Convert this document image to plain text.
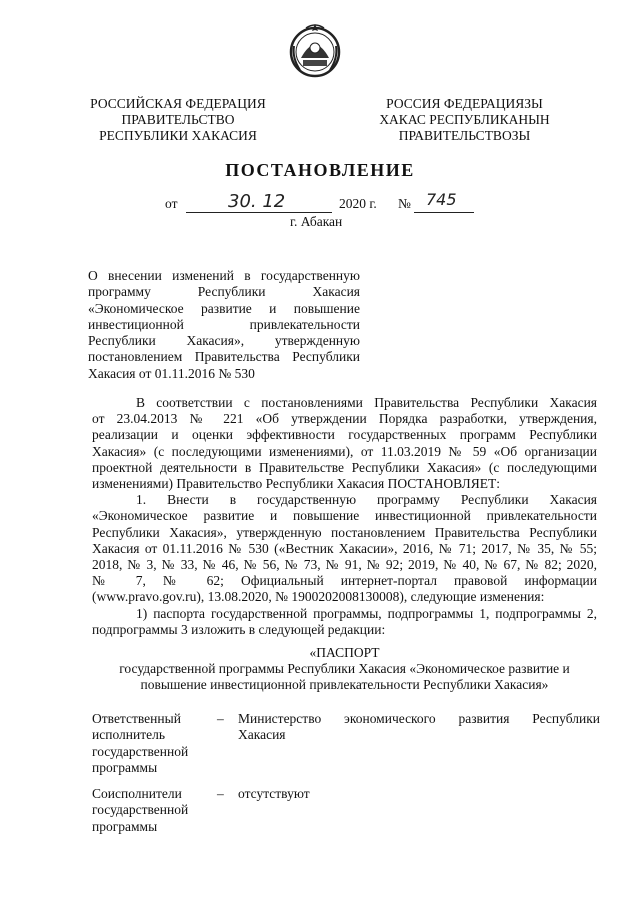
РОССИЙСКАЯ ФЕДЕРАЦИЯ
ПРАВИТЕЛЬСТВО
РЕСПУБЛИКИ ХАКАСИЯ
РОССИЯ ФЕДЕРАЦИЯЗЫ
ХАКАС РЕСПУБЛИКАНЫН
ПРАВИТЕЛЬСТВОЗЫ
ПОСТАНОВЛЕНИЕ
от	30. 12	2020 г. № 745
г. Абакан
О внесении изменений в государственную
программу Республики Хакасия
«Экономическое развитие и повышение
инвестиционной привлекательности
Республики Хакасия», утвержденную
постановлением Правительства Республики
Хакасия от 01.11.2016 № 530
В соответствии с постановлениями Правительства Республики Хакасия
от 23.04.2013 № 221 «Об утверждении Порядка разработки, утверждения,
реализации и оценки эффективности государственных программ Республики
Хакасия» (с последующими изменениями), от 11.03.2019 № 59 «Об организации
проектной деятельности в Правительстве Республики Хакасия» (с последующими
изменениями) Правительство Республики Хакасия ПОСТАНОВЛЯЕТ:
1. Внести в государственную программу Республики Хакасия
«Экономическое развитие и повышение инвестиционной привлекательности
Республики Хакасия», утвержденную постановлением Правительства Республики
Хакасия от 01.11.2016 № 530 («Вестник Хакасии», 2016, № 71; 2017, № 35, № 55;
2018, № 3, № 33, № 46, № 56, № 73, № 91, № 92; 2019, № 40, № 67, № 82; 2020,
№ 7, № 62; Официальный интернет-портал правовой информации
(www.pravo.gov.ru), 13.08.2020, № 1900202008130008), следующие изменения:
1) паспорта государственной программы, подпрограммы 1, подпрограммы 2,
подпрограммы 3 изложить в следующей редакции:
«ПАСПОРТ
государственной программы Республики Хакасия «Экономическое развитие и
повышение инвестиционной привлекательности Республики Хакасия»
Ответственный
исполнитель
государственной
программы
– Министерство экономического развития Республики
Хакасия
Соисполнители
государственной
программы
– отсутствуют
